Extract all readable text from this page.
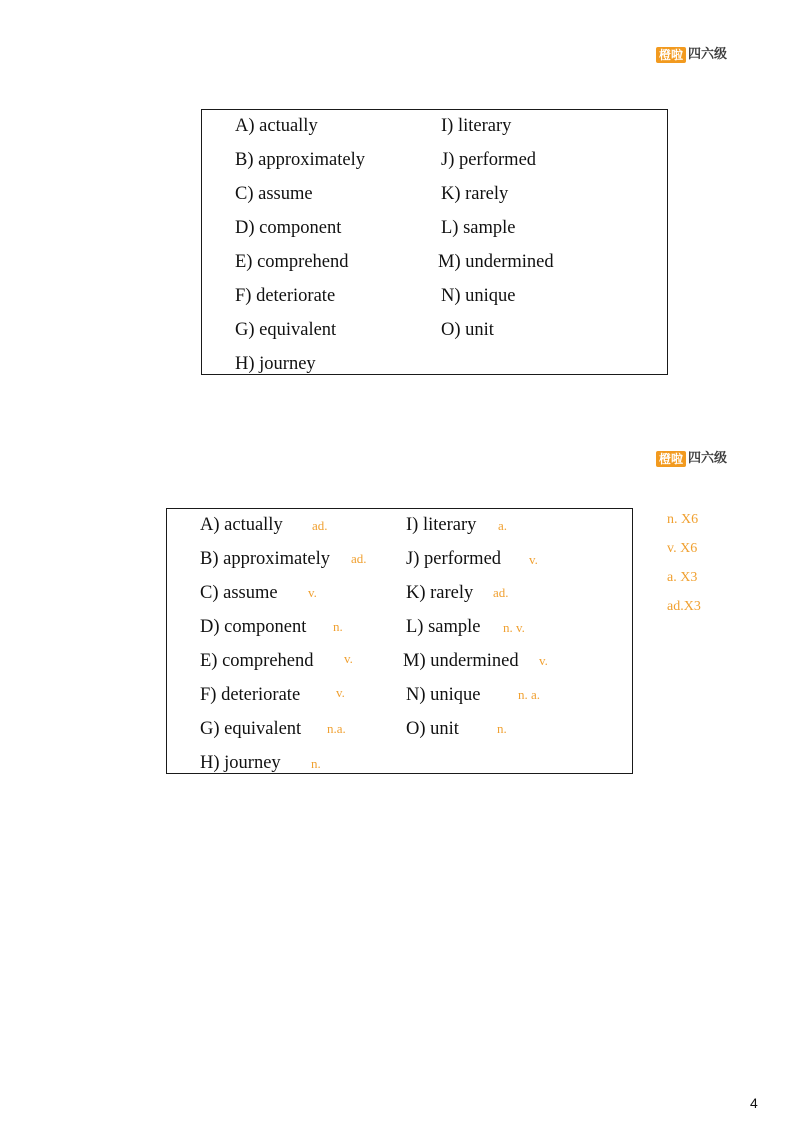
橙啦 四六级
A) actually
B) approximately
C) assume
D) component
E) comprehend
F) deteriorate
G) equivalent
H) journey
I) literary
J) performed
K) rarely
L) sample
M) undermined
N) unique
O) unit
橙啦 四六级
A) actually
B) approximately
C) assume
D) component
E) comprehend
F) deteriorate
G) equivalent
H) journey
ad.
ad.
v.
n.
v.
v.
n.a.
n.
I) literary
J) performed
K) rarely
L) sample
M) undermined
N) unique
O) unit
a.
v.
ad.
n. v.
v.
n. a.
n.
n. X6
v. X6
a. X3
ad.X3
4
